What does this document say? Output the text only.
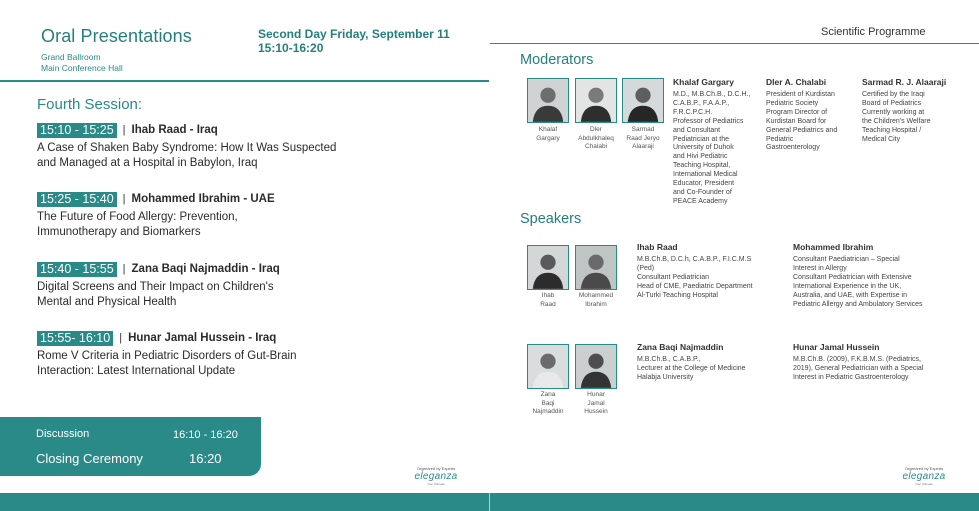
Oral Presentations
Grand Ballroom
Main Conference Hall
Second Day Friday, September 11
15:10-16:20
Fourth Session:
15:10 - 15:25 | Ihab Raad - Iraq
A Case of Shaken Baby Syndrome: How It Was Suspected
and Managed at a Hospital in Babylon, Iraq
15:25 - 15:40 | Mohammed Ibrahim - UAE
The Future of Food Allergy: Prevention,
Immunotherapy and Biomarkers
15:40 - 15:55 | Zana Baqi Najmaddin - Iraq
Digital Screens and Their Impact on Children's
Mental and Physical Health
15:55- 16:10 | Hunar Jamal Hussein - Iraq
Rome V Criteria in Pediatric Disorders of Gut-Brain
Interaction: Latest International Update
Discussion	16:10 - 16:20
Closing Ceremony	16:20
Organized by Experts
eleganza
Your Ultimate
Scientific Programme
Moderators
Khalaf
Gargary
Dler
Abdulkhaleq
Chalabi
Sarmad
Raad Jeryo
Alaaraji
Khalaf Gargary
M.D., M.B.Ch.B., D.C.H.,
C.A.B.P., F.A.A.P.,
F.R.C.P.C.H.
Professor of Pediatrics
and Consultant
Pediatrician at the
University of Duhok
and Hivi Pediatric
Teaching Hospital,
International Medical
Educator, President
and Co-Founder of
PEACE Academy
Dler A. Chalabi
President of Kurdistan
Pediatric Society
Program Director of
Kurdistan Board for
General Pediatrics and
Pediatric
Gastroenterology
Sarmad R. J. Alaaraji
Certified by the Iraqi
Board of Pediatrics
Currently working at
the Children's Welfare
Teaching Hospital /
Medical City
Speakers
Ihab
Raad
Mohammed
Ibrahim
Ihab Raad
M.B.Ch.B, D.C.h, C.A.B.P., F.I.C.M.S
(Ped)
Consultant Pediatrician
Head of CME, Paediatric Department
Al-Turki Teaching Hospital
Mohammed Ibrahim
Consultant Paediatrician – Special
Interest in Allergy
Consultant Pediatrician with Extensive
International Experience in the UK,
Australia, and UAE, with Expertise in
Pediatric Allergy and Ambulatory Services
Zana
Baqi
Najmaddin
Hunar
Jamal
Hussein
Zana Baqi Najmaddin
M.B.Ch.B., C.A.B.P.,
Lecturer at the College of Medicine
Halabja University
Hunar Jamal Hussein
M.B.Ch.B. (2009), F.K.B.M.S. (Pediatrics,
2019), General Pediatrician with a Special
Interest in Pediatric Gastroenterology
Organized by Experts
eleganza
Your Ultimate
